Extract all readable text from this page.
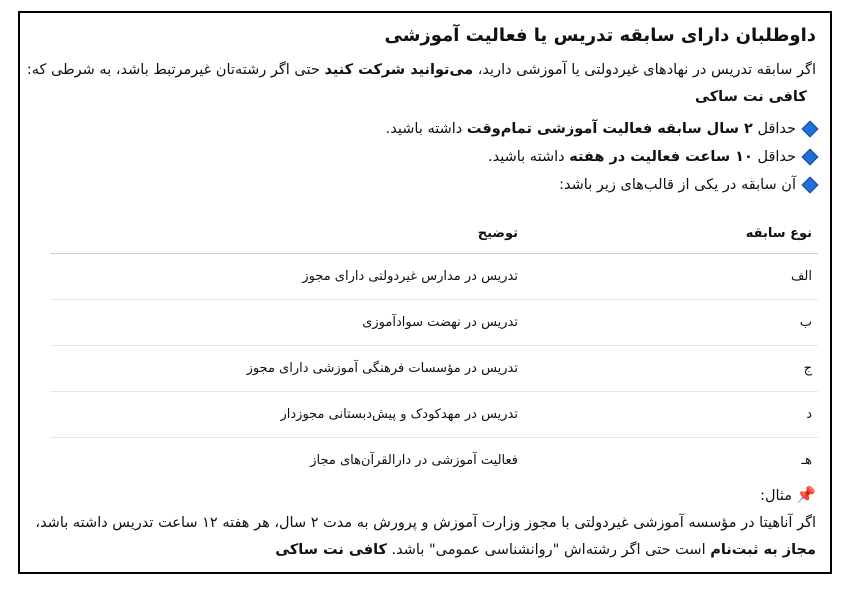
داوطلبان دارای سابقه تدریس یا فعالیت آموزشی

اگر سابقه تدریس در نهادهای غیردولتی یا آموزشی دارید، می‌توانید شرکت کنید حتی اگر رشته‌تان غیرمرتبط باشد، به شرطی که:   کافی نت ساکی

حداقل ۲ سال سابقه فعالیت آموزشی تمام‌وقت داشته باشید.

حداقل ۱۰ ساعت فعالیت در هفته داشته باشید.

آن سابقه در یکی از قالب‌های زیر باشد:

نوع سابقه	توضیح
الف	تدریس در مدارس غیردولتی دارای مجوز
ب	تدریس در نهضت سوادآموزی
ج	تدریس در مؤسسات فرهنگی آموزشی دارای مجوز
د	تدریس در مهدکودک و پیش‌دبستانی مجوزدار
هـ	فعالیت آموزشی در دارالقرآن‌های مجاز
📌مثال:
اگر آناهیتا در مؤسسه آموزشی غیردولتی با مجوز وزارت آموزش و پرورش به مدت ۲ سال، هر هفته ۱۲ ساعت تدریس داشته باشد، مجاز به ثبت‌نام است حتی اگر رشته‌اش "روانشناسی عمومی" باشد. کافی نت ساکی
